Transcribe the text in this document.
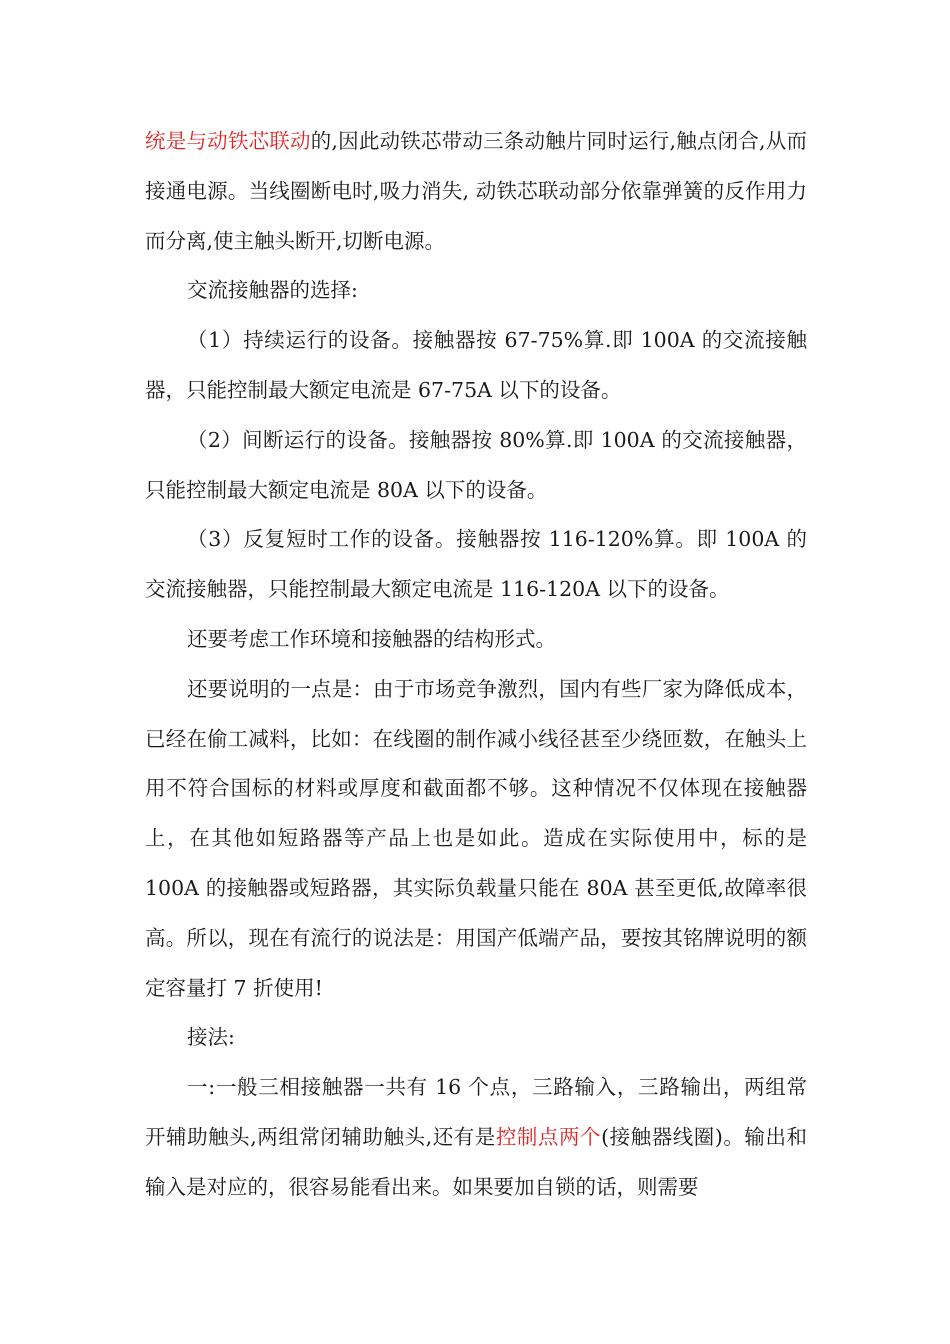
统是与动铁芯联动的,因此动铁芯带动三条动触片同时运行,触点闭合,从而接通电源。当线圈断电时,吸力消失, 动铁芯联动部分依靠弹簧的反作用力而分离,使主触头断开,切断电源。

交流接触器的选择:

（1）持续运行的设备。接触器按 67-75%算.即 100A 的交流接触器，只能控制最大额定电流是 67-75A 以下的设备。

（2）间断运行的设备。接触器按 80%算.即 100A 的交流接触器，只能控制最大额定电流是 80A 以下的设备。

（3）反复短时工作的设备。接触器按 116-120%算。即 100A 的交流接触器，只能控制最大额定电流是 116-120A 以下的设备。

还要考虑工作环境和接触器的结构形式。

还要说明的一点是：由于市场竞争激烈，国内有些厂家为降低成本，已经在偷工减料，比如：在线圈的制作减小线径甚至少绕匝数，在触头上用不符合国标的材料或厚度和截面都不够。这种情况不仅体现在接触器上，在其他如短路器等产品上也是如此。造成在实际使用中，标的是 100A 的接触器或短路器，其实际负载量只能在 80A 甚至更低,故障率很高。所以，现在有流行的说法是：用国产低端产品，要按其铭牌说明的额定容量打 7 折使用!

接法:

一:一般三相接触器一共有 16 个点，三路输入，三路输出，两组常开辅助触头,两组常闭辅助触头,还有是控制点两个(接触器线圈)。输出和输入是对应的，很容易能看出来。如果要加自锁的话，则需要
